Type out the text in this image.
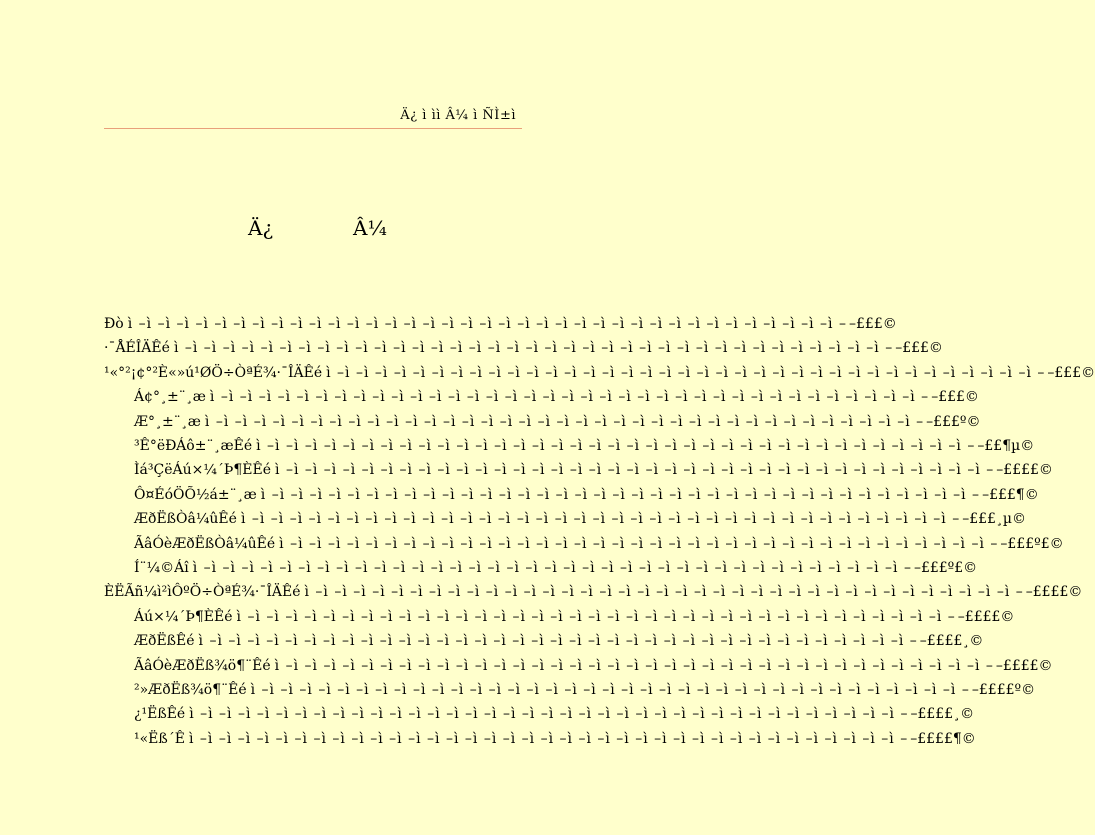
Ä¿ ì ìì Â¼ ì ÑÌ±ì
Ä¿	Â¼
Ðò ì –ì –ì –ì –ì –ì –ì –ì –ì –ì –ì –ì –ì –ì –ì –ì –ì –ì –ì –ì –ì –ì –ì –ì –ì –ì –ì –ì –ì –ì –ì –ì –ì –ì –ì –ì –ì –ì – –£££©
·¯ÅÉÎÄÊé ì –ì –ì –ì –ì –ì –ì –ì –ì –ì –ì –ì –ì –ì –ì –ì –ì –ì –ì –ì –ì –ì –ì –ì –ì –ì –ì –ì –ì –ì –ì –ì –ì –ì –ì –ì –ì –ì – –£££©
¹«°²¡¢°²È«»ú¹ØÖ÷ÒªÉ¾·¯ÎÄÊé ì –ì –ì –ì –ì –ì –ì –ì –ì –ì –ì –ì –ì –ì –ì –ì –ì –ì –ì –ì –ì –ì –ì –ì –ì –ì –ì –ì –ì –ì –ì –ì –ì –ì –ì –ì –ì –ì – –£££©
Á¢°¸±¨¸æ ì –ì –ì –ì –ì –ì –ì –ì –ì –ì –ì –ì –ì –ì –ì –ì –ì –ì –ì –ì –ì –ì –ì –ì –ì –ì –ì –ì –ì –ì –ì –ì –ì –ì –ì –ì –ì –ì – –£££©
Æ°¸±¨¸æ ì –ì –ì –ì –ì –ì –ì –ì –ì –ì –ì –ì –ì –ì –ì –ì –ì –ì –ì –ì –ì –ì –ì –ì –ì –ì –ì –ì –ì –ì –ì –ì –ì –ì –ì –ì –ì –ì – –£££º©
³Ê°ëÐÁô±¨¸æÊé ì –ì –ì –ì –ì –ì –ì –ì –ì –ì –ì –ì –ì –ì –ì –ì –ì –ì –ì –ì –ì –ì –ì –ì –ì –ì –ì –ì –ì –ì –ì –ì –ì –ì –ì –ì –ì –ì – –££¶µ©
Ìá³ÇëÁú×¼´Þ¶ÈÊé ì –ì –ì –ì –ì –ì –ì –ì –ì –ì –ì –ì –ì –ì –ì –ì –ì –ì –ì –ì –ì –ì –ì –ì –ì –ì –ì –ì –ì –ì –ì –ì –ì –ì –ì –ì –ì –ì – –££££©
Ô¤ÉóÖÕ½á±¨¸æ ì –ì –ì –ì –ì –ì –ì –ì –ì –ì –ì –ì –ì –ì –ì –ì –ì –ì –ì –ì –ì –ì –ì –ì –ì –ì –ì –ì –ì –ì –ì –ì –ì –ì –ì –ì –ì –ì – –£££¶©
ÆðËßÒâ¼ûÊé ì –ì –ì –ì –ì –ì –ì –ì –ì –ì –ì –ì –ì –ì –ì –ì –ì –ì –ì –ì –ì –ì –ì –ì –ì –ì –ì –ì –ì –ì –ì –ì –ì –ì –ì –ì –ì –ì – –£££¸µ©
ÃâÓèÆðËßÒâ¼ûÊé ì –ì –ì –ì –ì –ì –ì –ì –ì –ì –ì –ì –ì –ì –ì –ì –ì –ì –ì –ì –ì –ì –ì –ì –ì –ì –ì –ì –ì –ì –ì –ì –ì –ì –ì –ì –ì –ì – –£££º£©
Í¨¼©Áî ì –ì –ì –ì –ì –ì –ì –ì –ì –ì –ì –ì –ì –ì –ì –ì –ì –ì –ì –ì –ì –ì –ì –ì –ì –ì –ì –ì –ì –ì –ì –ì –ì –ì –ì –ì –ì –ì – –£££º£©
ÈËÃñ¼ì²ìÔºÖ÷ÒªÉ¾·¯ÎÄÊé ì –ì –ì –ì –ì –ì –ì –ì –ì –ì –ì –ì –ì –ì –ì –ì –ì –ì –ì –ì –ì –ì –ì –ì –ì –ì –ì –ì –ì –ì –ì –ì –ì –ì –ì –ì –ì –ì – –££££©
Áú×¼´Þ¶ÈÊé ì –ì –ì –ì –ì –ì –ì –ì –ì –ì –ì –ì –ì –ì –ì –ì –ì –ì –ì –ì –ì –ì –ì –ì –ì –ì –ì –ì –ì –ì –ì –ì –ì –ì –ì –ì –ì –ì – –££££©
ÆðËßÊé ì –ì –ì –ì –ì –ì –ì –ì –ì –ì –ì –ì –ì –ì –ì –ì –ì –ì –ì –ì –ì –ì –ì –ì –ì –ì –ì –ì –ì –ì –ì –ì –ì –ì –ì –ì –ì –ì – –££££¸©
ÃâÓèÆðËß¾ö¶¨Êé ì –ì –ì –ì –ì –ì –ì –ì –ì –ì –ì –ì –ì –ì –ì –ì –ì –ì –ì –ì –ì –ì –ì –ì –ì –ì –ì –ì –ì –ì –ì –ì –ì –ì –ì –ì –ì –ì – –££££©
²»ÆðËß¾ö¶¨Êé ì –ì –ì –ì –ì –ì –ì –ì –ì –ì –ì –ì –ì –ì –ì –ì –ì –ì –ì –ì –ì –ì –ì –ì –ì –ì –ì –ì –ì –ì –ì –ì –ì –ì –ì –ì –ì –ì – –££££º©
¿¹ËßÊé ì –ì –ì –ì –ì –ì –ì –ì –ì –ì –ì –ì –ì –ì –ì –ì –ì –ì –ì –ì –ì –ì –ì –ì –ì –ì –ì –ì –ì –ì –ì –ì –ì –ì –ì –ì –ì –ì – –££££¸©
¹«Ëß´Ê ì –ì –ì –ì –ì –ì –ì –ì –ì –ì –ì –ì –ì –ì –ì –ì –ì –ì –ì –ì –ì –ì –ì –ì –ì –ì –ì –ì –ì –ì –ì –ì –ì –ì –ì –ì –ì –ì – –££££¶©
